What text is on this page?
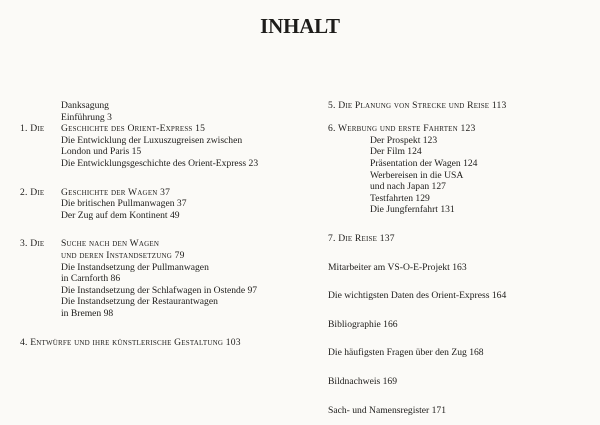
INHALT
Danksagung
Einführung 3
1. Die	Geschichte des Orient-Express 15
Die Entwicklung der Luxuszugreisen zwischen
London und Paris 15
Die Entwicklungsgeschichte des Orient-Express 23
2. Die	Geschichte der Wagen 37
Die britischen Pullmanwagen 37
Der Zug auf dem Kontinent 49
3. Die	Suche nach den Wagen
und deren Instandsetzung 79
Die Instandsetzung der Pullmanwagen
in Carnforth 86
Die Instandsetzung der Schlafwagen in Ostende 97
Die Instandsetzung der Restaurantwagen
in Bremen 98
4. Entwürfe und ihre künstlerische Gestaltung 103
5. Die Planung von Strecke und Reise 113
6. Werbung und erste Fahrten 123
Der Prospekt 123
Der Film 124
Präsentation der Wagen 124
Werbereisen in die USA
und nach Japan 127
Testfahrten 129
Die Jungfernfahrt 131
7. Die Reise 137
Mitarbeiter am VS-O-E-Projekt 163
Die wichtigsten Daten des Orient-Express 164
Bibliographie 166
Die häufigsten Fragen über den Zug 168
Bildnachweis 169
Sach- und Namensregister 171
